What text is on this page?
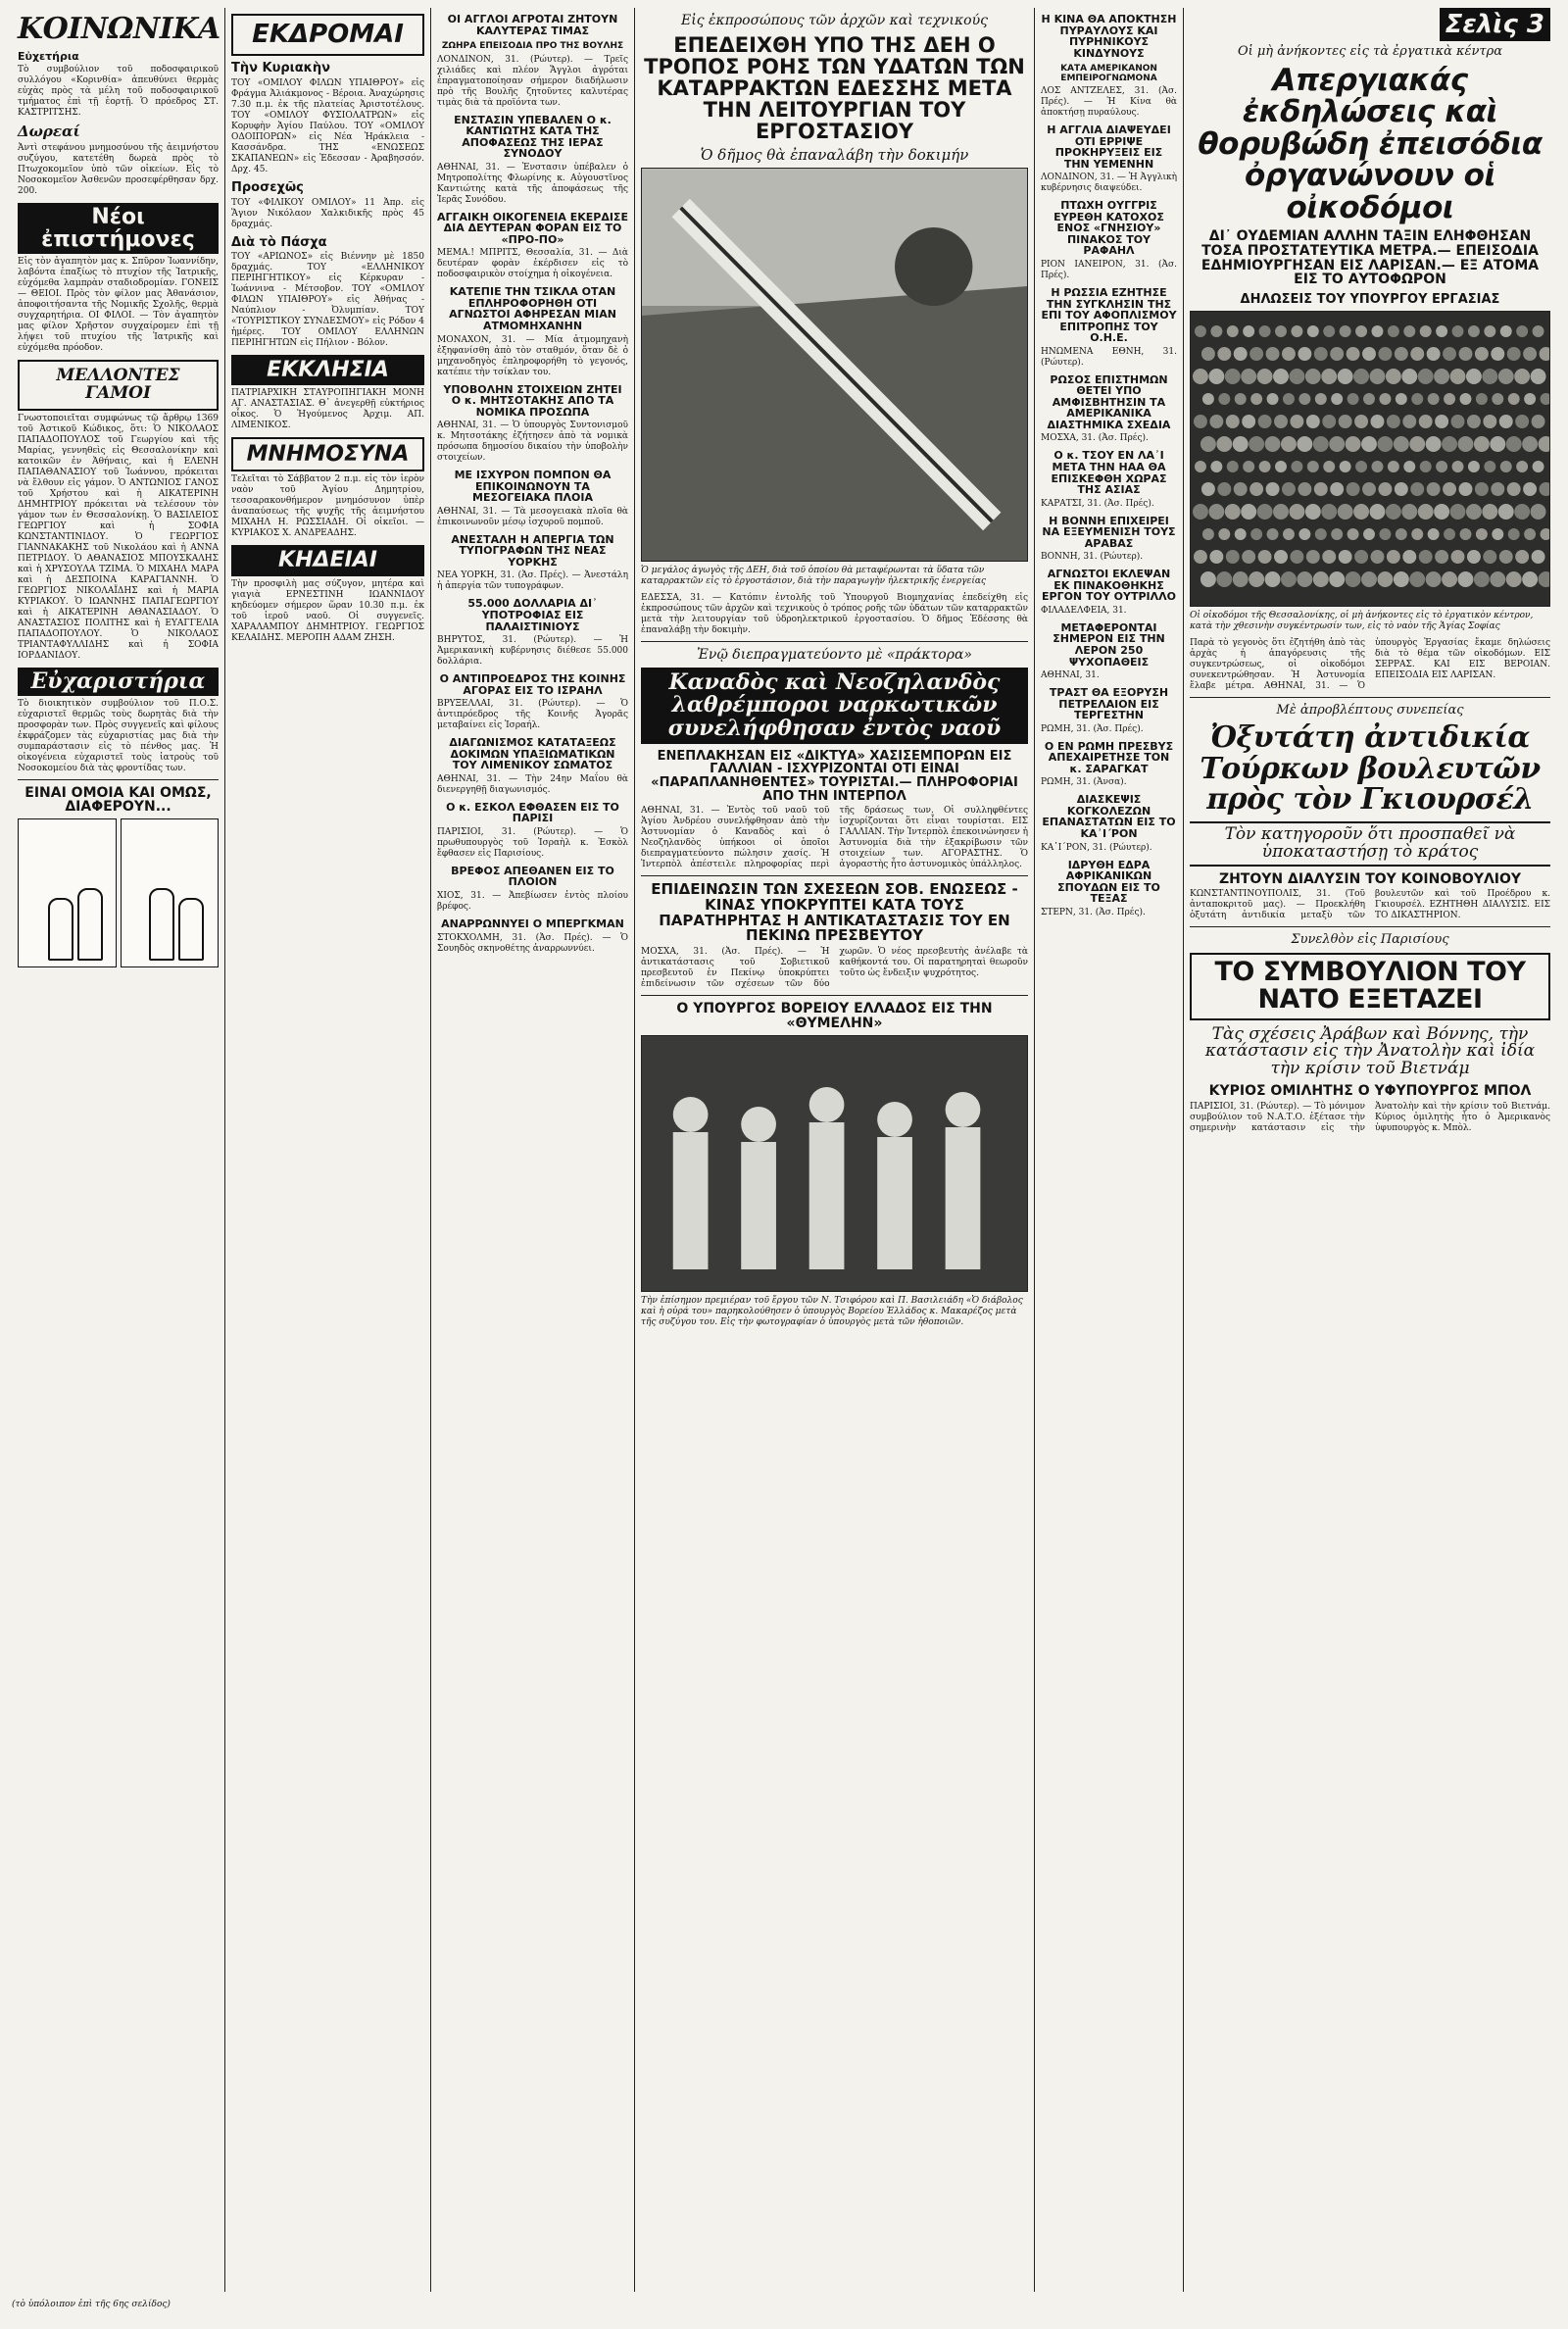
ΚΟΙΝΩΝΙΚΑ
Εὐχετήρια
Τὸ συμβούλιον τοῦ ποδοσφαιρικοῦ συλλόγου «Κορινθία» ἀπευθύνει θερμὰς εὐχὰς πρὸς τὰ μέλη τοῦ ποδοσφαιρικοῦ τμήματος ἐπὶ τῇ ἑορτῇ. Ὁ πρόεδρος ΣΤ. ΚΑΣΤΡΙΤΣΗΣ.
Δωρεαί
Ἀντὶ στεφάνου μνημοσύνου τῆς ἀειμνήστου συζύγου, κατετέθη δωρεὰ πρὸς τὸ Πτωχοκομεῖον ὑπὸ τῶν οἰκείων. Εἰς τὸ Νοσοκομεῖον Ἀσθενῶν προσεφέρθησαν δρχ. 200.
Νέοι ἐπιστήμονες
Εἰς τὸν ἀγαπητὸν μας κ. Σπῦρον Ἰωαννίδην, λαβόντα ἐπαξίως τὸ πτυχίον τῆς Ἰατρικῆς, εὐχόμεθα λαμπρὰν σταδιοδρομίαν. ΓΟΝΕΙΣ — ΘΕΙΟΙ. Πρὸς τὸν φίλον μας Ἀθανάσιον, ἀποφοιτήσαντα τῆς Νομικῆς Σχολῆς, θερμὰ συγχαρητήρια. ΟΙ ΦΙΛΟΙ. — Τὸν ἀγαπητὸν μας φίλον Χρῆστον συγχαίρομεν ἐπὶ τῇ λήψει τοῦ πτυχίου τῆς Ἰατρικῆς καὶ εὐχόμεθα πρόοδον.
ΜΕΛΛΟΝΤΕΣ ΓΑΜΟΙ
Γνωστοποιεῖται συμφώνως τῷ ἄρθρῳ 1369 τοῦ Ἀστικοῦ Κώδικος, ὅτι: Ὁ ΝΙΚΟΛΑΟΣ ΠΑΠΑΔΟΠΟΥΛΟΣ τοῦ Γεωργίου καὶ τῆς Μαρίας, γεννηθεὶς εἰς Θεσσαλονίκην καὶ κατοικῶν ἐν Ἀθήναις, καὶ ἡ ΕΛΕΝΗ ΠΑΠΑΘΑΝΑΣΙΟΥ τοῦ Ἰωάννου, πρόκειται νὰ ἔλθουν εἰς γάμον. Ὁ ΑΝΤΩΝΙΟΣ ΓΑΝΟΣ τοῦ Χρήστου καὶ ἡ ΑΙΚΑΤΕΡΙΝΗ ΔΗΜΗΤΡΙΟΥ πρόκειται νὰ τελέσουν τὸν γάμον των ἐν Θεσσαλονίκῃ. Ὁ ΒΑΣΙΛΕΙΟΣ ΓΕΩΡΓΙΟΥ καὶ ἡ ΣΟΦΙΑ ΚΩΝΣΤΑΝΤΙΝΙΔΟΥ. Ὁ ΓΕΩΡΓΙΟΣ ΓΙΑΝΝΑΚΑΚΗΣ τοῦ Νικολάου καὶ ἡ ΑΝΝΑ ΠΕΤΡΙΔΟΥ. Ὁ ΑΘΑΝΑΣΙΟΣ ΜΠΟΥΣΚΑΛΗΣ καὶ ἡ ΧΡΥΣΟΥΛΑ ΤΖΙΜΑ. Ὁ ΜΙΧΑΗΛ ΜΑΡΑ καὶ ἡ ΔΕΣΠΟΙΝΑ ΚΑΡΑΓΙΑΝΝΗ. Ὁ ΓΕΩΡΓΙΟΣ ΝΙΚΟΛΑΪΔΗΣ καὶ ἡ ΜΑΡΙΑ ΚΥΡΙΑΚΟΥ. Ὁ ΙΩΑΝΝΗΣ ΠΑΠΑΓΕΩΡΓΙΟΥ καὶ ἡ ΑΙΚΑΤΕΡΙΝΗ ΑΘΑΝΑΣΙΑΔΟΥ. Ὁ ΑΝΑΣΤΑΣΙΟΣ ΠΟΛΙΤΗΣ καὶ ἡ ΕΥΑΓΓΕΛΙΑ ΠΑΠΑΔΟΠΟΥΛΟΥ. Ὁ ΝΙΚΟΛΑΟΣ ΤΡΙΑΝΤΑΦΥΛΛΙΔΗΣ καὶ ἡ ΣΟΦΙΑ ΙΟΡΔΑΝΙΔΟΥ.
Εὐχαριστήρια
Τὸ διοικητικὸν συμβούλιον τοῦ Π.Ο.Σ. εὐχαριστεῖ θερμῶς τοὺς δωρητὰς διὰ τὴν προσφορὰν των. Πρὸς συγγενεῖς καὶ φίλους ἐκφράζομεν τὰς εὐχαριστίας μας διὰ τὴν συμπαράστασιν εἰς τὸ πένθος μας. Ἡ οἰκογένεια εὐχαριστεῖ τοὺς ἰατροὺς τοῦ Νοσοκομείου διὰ τὰς φροντίδας των.
ΕΙΝΑΙ ΟΜΟΙΑ ΚΑΙ ΟΜΩΣ, ΔΙΑΦΕΡΟΥΝ...
ΕΚΔΡΟΜΑΙ
Τὴν Κυριακὴν
ΤΟΥ «ΟΜΙΛΟΥ ΦΙΛΩΝ ΥΠΑΙΘΡΟΥ» εἰς Φράγμα Ἀλιάκμονος - Βέροια. Ἀναχώρησις 7.30 π.μ. ἐκ τῆς πλατείας Ἀριστοτέλους. ΤΟΥ «ΟΜΙΛΟΥ ΦΥΣΙΟΛΑΤΡΩΝ» εἰς Κορυφὴν Ἁγίου Παύλου. ΤΟΥ «ΟΜΙΛΟΥ ΟΔΟΙΠΟΡΩΝ» εἰς Νέα Ἡράκλεια - Κασσάνδρα. ΤΗΣ «ΕΝΩΣΕΩΣ ΣΚΑΠΑΝΕΩΝ» εἰς Ἐδεσσαν - Ἀραβησσόν. Δρχ. 45.
Προσεχῶς
ΤΟΥ «ΦΙΛΙΚΟΥ ΟΜΙΛΟΥ» 11 Ἀπρ. εἰς Ἅγιον Νικόλαον Χαλκιδικῆς πρὸς 45 δραχμάς.
Διὰ τὸ Πάσχα
ΤΟΥ «ΑΡΙΩΝΟΣ» εἰς Βιέννην μὲ 1850 δραχμάς. ΤΟΥ «ΕΛΛΗΝΙΚΟΥ ΠΕΡΙΗΓΗΤΙΚΟΥ» εἰς Κέρκυραν - Ἰωάννινα - Μέτσοβον. ΤΟΥ «ΟΜΙΛΟΥ ΦΙΛΩΝ ΥΠΑΙΘΡΟΥ» εἰς Ἀθήνας - Ναύπλιον - Ὀλυμπίαν. ΤΟΥ «ΤΟΥΡΙΣΤΙΚΟΥ ΣΥΝΔΕΣΜΟΥ» εἰς Ρόδον 4 ἡμέρες. ΤΟΥ ΟΜΙΛΟΥ ΕΛΛΗΝΩΝ ΠΕΡΙΗΓΗΤΩΝ εἰς Πήλιον - Βόλον.
ΕΚΚΛΗΣΙΑ
ΠΑΤΡΙΑΡΧΙΚΗ ΣΤΑΥΡΟΠΗΓΙΑΚΗ ΜΟΝΗ ΑΓ. ΑΝΑΣΤΑΣΙΑΣ. Θ᾽ ἀνεγερθῇ εὐκτήριος οἶκος. Ὁ Ἡγούμενος Ἀρχιμ. ΑΠ. ΛΙΜΕΝΙΚΟΣ.
ΜΝΗΜΟΣΥΝΑ
Τελεῖται τὸ Σάββατον 2 π.μ. εἰς τὸν ἱερὸν ναὸν τοῦ Ἁγίου Δημητρίου, τεσσαρακονθήμερον μνημόσυνον ὑπὲρ ἀναπαύσεως τῆς ψυχῆς τῆς ἀειμνήστου ΜΙΧΑΗΛ Η. ΡΩΣΣΙΑΔΗ. Οἱ οἰκεῖοι. — ΚΥΡΙΑΚΟΣ Χ. ΑΝΔΡΕΑΔΗΣ.
ΚΗΔΕΙΑΙ
Τὴν προσφιλὴ μας σύζυγον, μητέρα καὶ γιαγιὰ ΕΡΝΕΣΤΙΝΗ ΙΩΑΝΝΙΔΟΥ κηδεύομεν σήμερον ὥραν 10.30 π.μ. ἐκ τοῦ ἱεροῦ ναοῦ. Οἱ συγγενεῖς. ΧΑΡΑΛΑΜΠΟΥ ΔΗΜΗΤΡΙΟΥ. ΓΕΩΡΓΙΟΣ ΚΕΛΑΙΔΗΣ. ΜΕΡΟΠΗ ΑΔΑΜ ΖΗΣΗ.
ΟΙ ΑΓΓΛΟΙ ΑΓΡΟΤΑΙ ΖΗΤΟΥΝ ΚΑΛΥΤΕΡΑΣ ΤΙΜΑΣ
ΖΩΗΡΑ ΕΠΕΙΣΟΔΙΑ ΠΡΟ ΤΗΣ ΒΟΥΛΗΣ
ΛΟΝΔΙΝΟΝ, 31. (Ρώυτερ). — Τρεῖς χιλιάδες καὶ πλέον Ἄγγλοι ἀγρόται ἐπραγματοποίησαν σήμερον διαδήλωσιν πρὸ τῆς Βουλῆς ζητοῦντες καλυτέρας τιμὰς διὰ τὰ προϊόντα των.
ΕΝΣΤΑΣΙΝ ΥΠΕΒΑΛΕΝ Ο κ. ΚΑΝΤΙΩΤΗΣ ΚΑΤΑ ΤΗΣ ΑΠΟΦΑΣΕΩΣ ΤΗΣ ΙΕΡΑΣ ΣΥΝΟΔΟΥ
ΑΘΗΝΑΙ, 31. — Ἐνστασιν ὑπέβαλεν ὁ Μητροπολίτης Φλωρίνης κ. Αὐγουστῖνος Καντιώτης κατὰ τῆς ἀποφάσεως τῆς Ἱερᾶς Συνόδου.
ΑΓΓΑΙΚΗ ΟΙΚΟΓΕΝΕΙΑ ΕΚΕΡΔΙΣΕ ΔΙΑ ΔΕΥΤΕΡΑΝ ΦΟΡΑΝ ΕΙΣ ΤΟ «ΠΡΟ-ΠΟ»
ΜΕΜΑ.! ΜΠΡΙΤΣ, Θεσσαλία, 31. — Διὰ δευτέραν φορὰν ἐκέρδισεν εἰς τὸ ποδοσφαιρικὸν στοίχημα ἡ οἰκογένεια.
ΚΑΤΕΠΙΕ ΤΗΝ ΤΣΙΚΛΑ ΟΤΑΝ ΕΠΛΗΡΟΦΟΡΗΘΗ ΟΤΙ ΑΓΝΩΣΤΟΙ ΑΦΗΡΕΣΑΝ ΜΙΑΝ ΑΤΜΟΜΗΧΑΝΗΝ
ΜΟΝΑΧΟΝ, 31. — Μία ἀτμομηχανὴ ἐξηφανίσθη ἀπὸ τὸν σταθμόν, ὅταν δὲ ὁ μηχανοδηγὸς ἐπληροφορήθη τὸ γεγονός, κατέπιε τὴν τσίκλαν του.
ΥΠΟΒΟΛΗΝ ΣΤΟΙΧΕΙΩΝ ΖΗΤΕΙ Ο κ. ΜΗΤΣΟΤΑΚΗΣ ΑΠΟ ΤΑ ΝΟΜΙΚΑ ΠΡΟΣΩΠΑ
ΑΘΗΝΑΙ, 31. — Ὁ ὑπουργὸς Συντονισμοῦ κ. Μητσοτάκης ἐζήτησεν ἀπὸ τὰ νομικὰ πρόσωπα δημοσίου δικαίου τὴν ὑποβολὴν στοιχείων.
ΜΕ ΙΣΧΥΡΟΝ ΠΟΜΠΟΝ ΘΑ ΕΠΙΚΟΙΝΩΝΟΥΝ ΤΑ ΜΕΣΟΓΕΙΑΚΑ ΠΛΟΙΑ
ΑΘΗΝΑΙ, 31. — Τὰ μεσογειακὰ πλοῖα θὰ ἐπικοινωνοῦν μέσῳ ἰσχυροῦ πομποῦ.
ΑΝΕΣΤΑΛΗ Η ΑΠΕΡΓΙΑ ΤΩΝ ΤΥΠΟΓΡΑΦΩΝ ΤΗΣ ΝΕΑΣ ΥΟΡΚΗΣ
ΝΕΑ ΥΟΡΚΗ, 31. (Ἀσ. Πρές). — Ἀνεστάλη ἡ ἀπεργία τῶν τυπογράφων.
55.000 ΔΟΛΛΑΡΙΑ ΔΙ᾽ ΥΠΟΤΡΟΦΙΑΣ ΕΙΣ ΠΑΛΑΙΣΤΙΝΙΟΥΣ
ΒΗΡΥΤΟΣ, 31. (Ρώυτερ). — Ἡ Ἀμερικανικὴ κυβέρνησις διέθεσε 55.000 δολλάρια.
Ο ΑΝΤΙΠΡΟΕΔΡΟΣ ΤΗΣ ΚΟΙΝΗΣ ΑΓΟΡΑΣ ΕΙΣ ΤΟ ΙΣΡΑΗΛ
ΒΡΥΞΕΛΛΑΙ, 31. (Ρώυτερ). — Ὁ ἀντιπρόεδρος τῆς Κοινῆς Ἀγορᾶς μεταβαίνει εἰς Ἰσραήλ.
ΔΙΑΓΩΝΙΣΜΟΣ ΚΑΤΑΤΑΞΕΩΣ ΔΟΚΙΜΩΝ ΥΠΑΞΙΩΜΑΤΙΚΩΝ ΤΟΥ ΛΙΜΕΝΙΚΟΥ ΣΩΜΑΤΟΣ
ΑΘΗΝΑΙ, 31. — Τὴν 24ην Μαΐου θὰ διενεργηθῇ διαγωνισμός.
Ο κ. ΕΣΚΟΛ ΕΦΘΑΣΕΝ ΕΙΣ ΤΟ ΠΑΡΙΣΙ
ΠΑΡΙΣΙΟΙ, 31. (Ρώυτερ). — Ὁ πρωθυπουργὸς τοῦ Ἰσραὴλ κ. Ἐσκὸλ ἔφθασεν εἰς Παρισίους.
ΒΡΕΦΟΣ ΑΠΕΘΑΝΕΝ ΕΙΣ ΤΟ ΠΛΟΙΟΝ
ΧΙΟΣ, 31. — Ἀπεβίωσεν ἐντὸς πλοίου βρέφος.
ΑΝΑΡΡΩΝΝΥΕΙ Ο ΜΠΕΡΓΚΜΑΝ
ΣΤΟΚΧΟΛΜΗ, 31. (Ἀσ. Πρές). — Ὁ Σουηδὸς σκηνοθέτης ἀναρρωννύει.
Εἰς ἐκπροσώπους τῶν ἀρχῶν καὶ τεχνικούς
ΕΠΕΔΕΙΧΘΗ ΥΠΟ ΤΗΣ ΔΕΗ Ο ΤΡΟΠΟΣ ΡΟΗΣ ΤΩΝ ΥΔΑΤΩΝ ΤΩΝ ΚΑΤΑΡΡΑΚΤΩΝ ΕΔΕΣΣΗΣ ΜΕΤΑ ΤΗΝ ΛΕΙΤΟΥΡΓΙΑΝ ΤΟΥ ΕΡΓΟΣΤΑΣΙΟΥ
Ὁ δῆμος θὰ ἐπαναλάβη τὴν δοκιμήν
Ὁ μεγάλος ἀγωγὸς τῆς ΔΕΗ, διὰ τοῦ ὁποίου θὰ μεταφέρωνται τὰ ὕδατα τῶν καταρρακτῶν εἰς τὸ ἐργοστάσιον, διὰ τὴν παραγωγὴν ἠλεκτρικῆς ἐνεργείας
ΕΔΕΣΣΑ, 31. — Κατόπιν ἐντολῆς τοῦ Ὑπουργοῦ Βιομηχανίας ἐπεδείχθη εἰς ἐκπροσώπους τῶν ἀρχῶν καὶ τεχνικοὺς ὁ τρόπος ροῆς τῶν ὑδάτων τῶν καταρρακτῶν μετὰ τὴν λειτουργίαν τοῦ ὑδροηλεκτρικοῦ ἐργοστασίου. Ὁ δῆμος Ἐδέσσης θὰ ἐπαναλάβῃ τὴν δοκιμὴν.
Ἐνῷ διεπραγματεύοντο μὲ «πράκτορα»
Καναδὸς καὶ Νεοζηλανδὸς λαθρέμποροι ναρκωτικῶν συνελήφθησαν ἐντὸς ναοῦ
ΕΝΕΠΛΑΚΗΣΑΝ ΕΙΣ «ΔΙΚΤΥΑ» ΧΑΣΙΣΕΜΠΟΡΩΝ ΕΙΣ ΓΑΛΛΙΑΝ - ΙΣΧΥΡΙΖΟΝΤΑΙ ΟΤΙ ΕΙΝΑΙ «ΠΑΡΑΠΛΑΝΗΘΕΝΤΕΣ» ΤΟΥΡΙΣΤΑΙ.— ΠΛΗΡΟΦΟΡΙΑΙ ΑΠΟ ΤΗΝ ΙΝΤΕΡΠΟΛ
ΑΘΗΝΑΙ, 31. — Ἐντὸς τοῦ ναοῦ τοῦ Ἁγίου Ἀνδρέου συνελήφθησαν ἀπὸ τὴν Ἀστυνομίαν ὁ Καναδὸς καὶ ὁ Νεοζηλανδὸς ὑπήκοοι οἱ ὁποῖοι διεπραγματεύοντο πώλησιν χασίς. Ἡ Ἰντερπὸλ ἀπέστειλε πληροφορίας περὶ τῆς δράσεως των. Οἱ συλληφθέντες ἰσχυρίζονται ὅτι εἶναι τουρίσται. ΕΙΣ ΓΑΛΛΙΑΝ. Τὴν Ἰντερπὸλ ἐπεκοινώνησεν ἡ Ἀστυνομία διὰ τὴν ἐξακρίβωσιν τῶν στοιχείων των. ΑΓΟΡΑΣΤΗΣ. Ὁ ἀγοραστὴς ἦτο ἀστυνομικὸς ὑπάλληλος.
ΕΠΙΔΕΙΝΩΣΙΝ ΤΩΝ ΣΧΕΣΕΩΝ ΣΟΒ. ΕΝΩΣΕΩΣ - ΚΙΝΑΣ ΥΠΟΚΡΥΠΤΕΙ ΚΑΤΑ ΤΟΥΣ ΠΑΡΑΤΗΡΗΤΑΣ Η ΑΝΤΙΚΑΤΑΣΤΑΣΙΣ ΤΟΥ ΕΝ ΠΕΚΙΝΩ ΠΡΕΣΒΕΥΤΟΥ
ΜΟΣΧΑ, 31. (Ἀσ. Πρές). — Ἡ ἀντικατάστασις τοῦ Σοβιετικοῦ πρεσβευτοῦ ἐν Πεκίνῳ ὑποκρύπτει ἐπιδείνωσιν τῶν σχέσεων τῶν δύο χωρῶν. Ὁ νέος πρεσβευτὴς ἀνέλαβε τὰ καθήκοντά του. Οἱ παρατηρηταὶ θεωροῦν τοῦτο ὡς ἔνδειξιν ψυχρότητος.
Ο ΥΠΟΥΡΓΟΣ ΒΟΡΕΙΟΥ ΕΛΛΑΔΟΣ ΕΙΣ ΤΗΝ «ΘΥΜΕΛΗΝ»
Τὴν ἐπίσημον πρεμιέραν τοῦ ἔργου τῶν Ν. Τσιφόρου καὶ Π. Βασιλειάδη «Ὁ διάβολος καὶ ἡ οὐρά του» παρηκολούθησεν ὁ ὑπουργὸς Βορείου Ἑλλάδος κ. Μακαρέζος μετὰ τῆς συζύγου του. Εἰς τὴν φωτογραφίαν ὁ ὑπουργὸς μετὰ τῶν ἠθοποιῶν.
Η ΚΙΝΑ ΘΑ ΑΠΟΚΤΗΣΗ ΠΥΡΑΥΛΟΥΣ ΚΑΙ ΠΥΡΗΝΙΚΟΥΣ ΚΙΝΔΥΝΟΥΣ
ΚΑΤΑ ΑΜΕΡΙΚΑΝΟΝ ΕΜΠΕΙΡΟΓΝΩΜΟΝΑ
ΛΟΣ ΑΝΤΖΕΛΕΣ, 31. (Ἀσ. Πρές). — Ἡ Κίνα θὰ ἀποκτήσῃ πυραύλους.
Η ΑΓΓΛΙΑ ΔΙΑΨΕΥΔΕΙ ΟΤΙ ΕΡΡΙΨΕ ΠΡΟΚΗΡΥΞΕΙΣ ΕΙΣ ΤΗΝ ΥΕΜΕΝΗΝ
ΛΟΝΔΙΝΟΝ, 31. — Ἡ Ἀγγλικὴ κυβέρνησις διαψεύδει.
ΠΤΩΧΗ ΟΥΓΓΡΙΣ ΕΥΡΕΘΗ ΚΑΤΟΧΟΣ ΕΝΟΣ «ΓΝΗΣΙΟΥ» ΠΙΝΑΚΟΣ ΤΟΥ ΡΑΦΑΗΛ
ΡΙΟΝ ΙΑΝΕΙΡΟΝ, 31. (Ἀσ. Πρές).
Η ΡΩΣΣΙΑ ΕΖΗΤΗΣΕ ΤΗΝ ΣΥΓΚΛΗΣΙΝ ΤΗΣ ΕΠΙ ΤΟΥ ΑΦΟΠΛΙΣΜΟΥ ΕΠΙΤΡΟΠΗΣ ΤΟΥ Ο.Η.Ε.
ΗΝΩΜΕΝΑ ΕΘΝΗ, 31. (Ρώυτερ).
ΡΩΣΟΣ ΕΠΙΣΤΗΜΩΝ ΘΕΤΕΙ ΥΠΟ ΑΜΦΙΣΒΗΤΗΣΙΝ ΤΑ ΑΜΕΡΙΚΑΝΙΚΑ ΔΙΑΣΤΗΜΙΚΑ ΣΧΕΔΙΑ
ΜΟΣΧΑ, 31. (Ἀσ. Πρές).
Ο κ. ΤΣΟΥ ΕΝ ΛΑ᾽Ι ΜΕΤΑ ΤΗΝ ΗΑΑ ΘΑ ΕΠΙΣΚΕΦΘΗ ΧΩΡΑΣ ΤΗΣ ΑΣΙΑΣ
ΚΑΡΑΤΣΙ, 31. (Ἀσ. Πρές).
Η ΒΟΝΝΗ ΕΠΙΧΕΙΡΕΙ ΝΑ ΕΞΕΥΜΕΝΙΣΗ ΤΟΥΣ ΑΡΑΒΑΣ
ΒΟΝΝΗ, 31. (Ρώυτερ).
ΑΓΝΩΣΤΟΙ ΕΚΛΕΨΑΝ ΕΚ ΠΙΝΑΚΟΘΗΚΗΣ ΕΡΓΟΝ ΤΟΥ ΟΥΤΡΙΛΛΟ
ΦΙΛΑΔΕΛΦΕΙΑ, 31.
ΜΕΤΑΦΕΡΟΝΤΑΙ ΣΗΜΕΡΟΝ ΕΙΣ ΤΗΝ ΛΕΡΟΝ 250 ΨΥΧΟΠΑΘΕΙΣ
ΑΘΗΝΑΙ, 31.
ΤΡΑΣΤ ΘΑ ΕΞΟΡΥΣΗ ΠΕΤΡΕΛΑΙΟΝ ΕΙΣ ΤΕΡΓΕΣΤΗΝ
ΡΩΜΗ, 31. (Ἀσ. Πρές).
Ο ΕΝ ΡΩΜΗ ΠΡΕΣΒΥΣ ΑΠΕΧΑΙΡΕΤΗΣΕ ΤΟΝ κ. ΣΑΡΑΓΚΑΤ
ΡΩΜΗ, 31. (Ἀνσα).
ΔΙΑΣΚΕΨΙΣ ΚΟΓΚΟΛΕΖΩΝ ΕΠΑΝΑΣΤΑΤΩΝ ΕΙΣ ΤΟ ΚΑ᾽Ι΄ΡΟΝ
ΚΑ᾽Ι΄ΡΟΝ, 31. (Ρώυτερ).
ΙΔΡΥΘΗ ΕΔΡΑ ΑΦΡΙΚΑΝΙΚΩΝ ΣΠΟΥΔΩΝ ΕΙΣ ΤΟ ΤΕΞΑΣ
ΣΤΕΡΝ, 31. (Ἀσ. Πρές).
Σελὶς 3
Οἱ μὴ ἀνήκοντες εἰς τὰ ἐργατικὰ κέντρα
Απεργιακάς ἐκδηλώσεις καὶ θορυβώδη ἐπεισόδια ὀργανώνουν οἱ οἰκοδόμοι
ΔΙ᾽ ΟΥΔΕΜΙΑΝ ΑΛΛΗΝ ΤΑΞΙΝ ΕΛΗΦΘΗΣΑΝ ΤΟΣΑ ΠΡΟΣΤΑΤΕΥΤΙΚΑ ΜΕΤΡΑ.— ΕΠΕΙΣΟΔΙΑ ΕΔΗΜΙΟΥΡΓΗΣΑΝ ΕΙΣ ΛΑΡΙΣΑΝ.— ΕΞ ΑΤΟΜΑ ΕΙΣ ΤΟ ΑΥΤΟΦΩΡΟΝ
ΔΗΛΩΣΕΙΣ ΤΟΥ ΥΠΟΥΡΓΟΥ ΕΡΓΑΣΙΑΣ
Οἱ οἰκοδόμοι τῆς Θεσσαλονίκης, οἱ μὴ ἀνήκοντες εἰς τὸ ἐργατικὸν κέντρον, κατὰ τὴν χθεσινὴν συγκέντρωσίν των, εἰς τὸ ναὸν τῆς Ἁγίας Σοφίας
Παρὰ τὸ γεγονὸς ὅτι ἐζητήθη ἀπὸ τὰς ἀρχὰς ἡ ἀπαγόρευσις τῆς συγκεντρώσεως, οἱ οἰκοδόμοι συνεκεντρώθησαν. Ἡ Ἀστυνομία ἔλαβε μέτρα. ΑΘΗΝΑΙ, 31. — Ὁ ὑπουργὸς Ἐργασίας ἔκαμε δηλώσεις διὰ τὸ θέμα τῶν οἰκοδόμων. ΕΙΣ ΣΕΡΡΑΣ. ΚΑΙ ΕΙΣ ΒΕΡΟΙΑΝ. ΕΠΕΙΣΟΔΙΑ ΕΙΣ ΛΑΡΙΣΑΝ.
Μὲ ἀπροβλέπτους συνεπείας
Ὀξυτάτη ἀντιδικία Τούρκων βουλευτῶν πρὸς τὸν Γκιουρσέλ
Τὸν κατηγοροῦν ὅτι προσπαθεῖ νὰ ὑποκαταστήσῃ τὸ κράτος
ΖΗΤΟΥΝ ΔΙΑΛΥΣΙΝ ΤΟΥ ΚΟΙΝΟΒΟΥΛΙΟΥ
ΚΩΝΣΤΑΝΤΙΝΟΥΠΟΛΙΣ, 31. (Τοῦ ἀνταποκριτοῦ μας). — Προεκλήθη ὀξυτάτη ἀντιδικία μεταξὺ τῶν βουλευτῶν καὶ τοῦ Προέδρου κ. Γκιουρσέλ. ΕΖΗΤΗΘΗ ΔΙΑΛΥΣΙΣ. ΕΙΣ ΤΟ ΔΙΚΑΣΤΗΡΙΟΝ.
Συνελθὸν εἰς Παρισίους
ΤΟ ΣΥΜΒΟΥΛΙΟΝ ΤΟΥ ΝΑΤΟ ΕΞΕΤΑΖΕΙ
Τὰς σχέσεις Ἀράβων καὶ Βόννης, τὴν κατάστασιν εἰς τὴν Ἀνατολὴν καὶ ἰδία τὴν κρίσιν τοῦ Βιετνάμ
ΚΥΡΙΟΣ ΟΜΙΛΗΤΗΣ Ο ΥΦΥΠΟΥΡΓΟΣ ΜΠΟΛ
ΠΑΡΙΣΙΟΙ, 31. (Ρώυτερ). — Τὸ μόνιμον συμβούλιον τοῦ Ν.Α.Τ.Ο. ἐξέτασε τὴν σημερινὴν κατάστασιν εἰς τὴν Ἀνατολὴν καὶ τὴν κρίσιν τοῦ Βιετνάμ. Κύριος ὁμιλητὴς ἦτο ὁ Ἀμερικανὸς ὑφυπουργὸς κ. Μπὸλ.
(τὸ ὑπόλοιπον ἐπὶ τῆς 6ης σελίδος)
